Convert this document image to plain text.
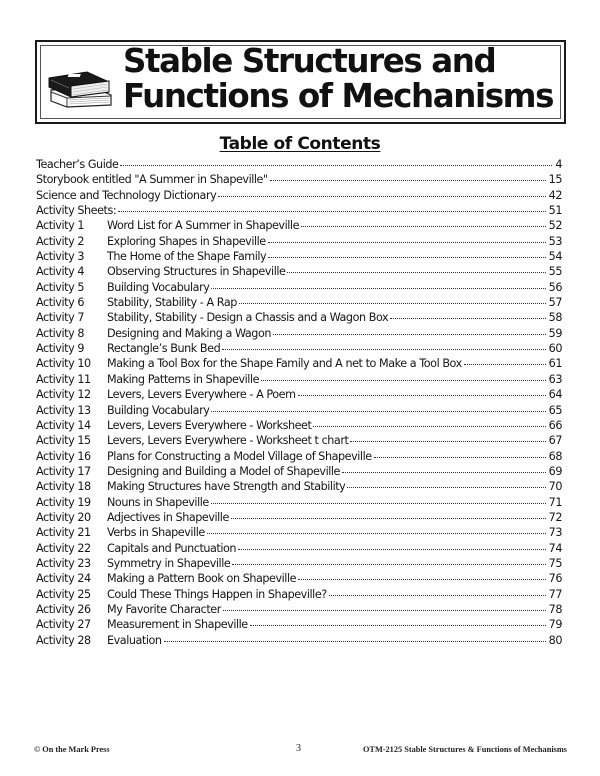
Stable Structures and
Functions of Mechanisms
Table of Contents
Teacher’s Guide	4
Storybook entitled "A Summer in Shapeville"	15
Science and Technology Dictionary	42
Activity Sheets:	51
Activity 1	Word List for A Summer in Shapeville	52
Activity 2	Exploring Shapes in Shapeville	53
Activity 3	The Home of the Shape Family	54
Activity 4	Observing Structures in Shapeville	55
Activity 5	Building Vocabulary	56
Activity 6	Stability, Stability - A Rap	57
Activity 7	Stability, Stability - Design a Chassis and a Wagon Box	58
Activity 8	Designing and Making a Wagon	59
Activity 9	Rectangle’s Bunk Bed	60
Activity 10	Making a Tool Box for the Shape Family and A net to Make a Tool Box	61
Activity 11	Making Patterns in Shapeville	63
Activity 12	Levers, Levers Everywhere - A Poem	64
Activity 13	Building Vocabulary	65
Activity 14	Levers, Levers Everywhere - Worksheet	66
Activity 15	Levers, Levers Everywhere - Worksheet t chart	67
Activity 16	Plans for Constructing a Model Village of Shapeville	68
Activity 17	Designing and Building a Model of Shapeville	69
Activity 18	Making Structures have Strength and Stability	70
Activity 19	Nouns in Shapeville	71
Activity 20	Adjectives in Shapeville	72
Activity 21	Verbs in Shapeville	73
Activity 22	Capitals and Punctuation	74
Activity 23	Symmetry in Shapeville	75
Activity 24	Making a Pattern Book on Shapeville	76
Activity 25	Could These Things Happen in Shapeville?	77
Activity 26	My Favorite Character	78
Activity 27	Measurement in Shapeville	79
Activity 28	Evaluation	80
© On the Mark Press	3	OTM-2125 Stable Structures & Functions of Mechanisms
